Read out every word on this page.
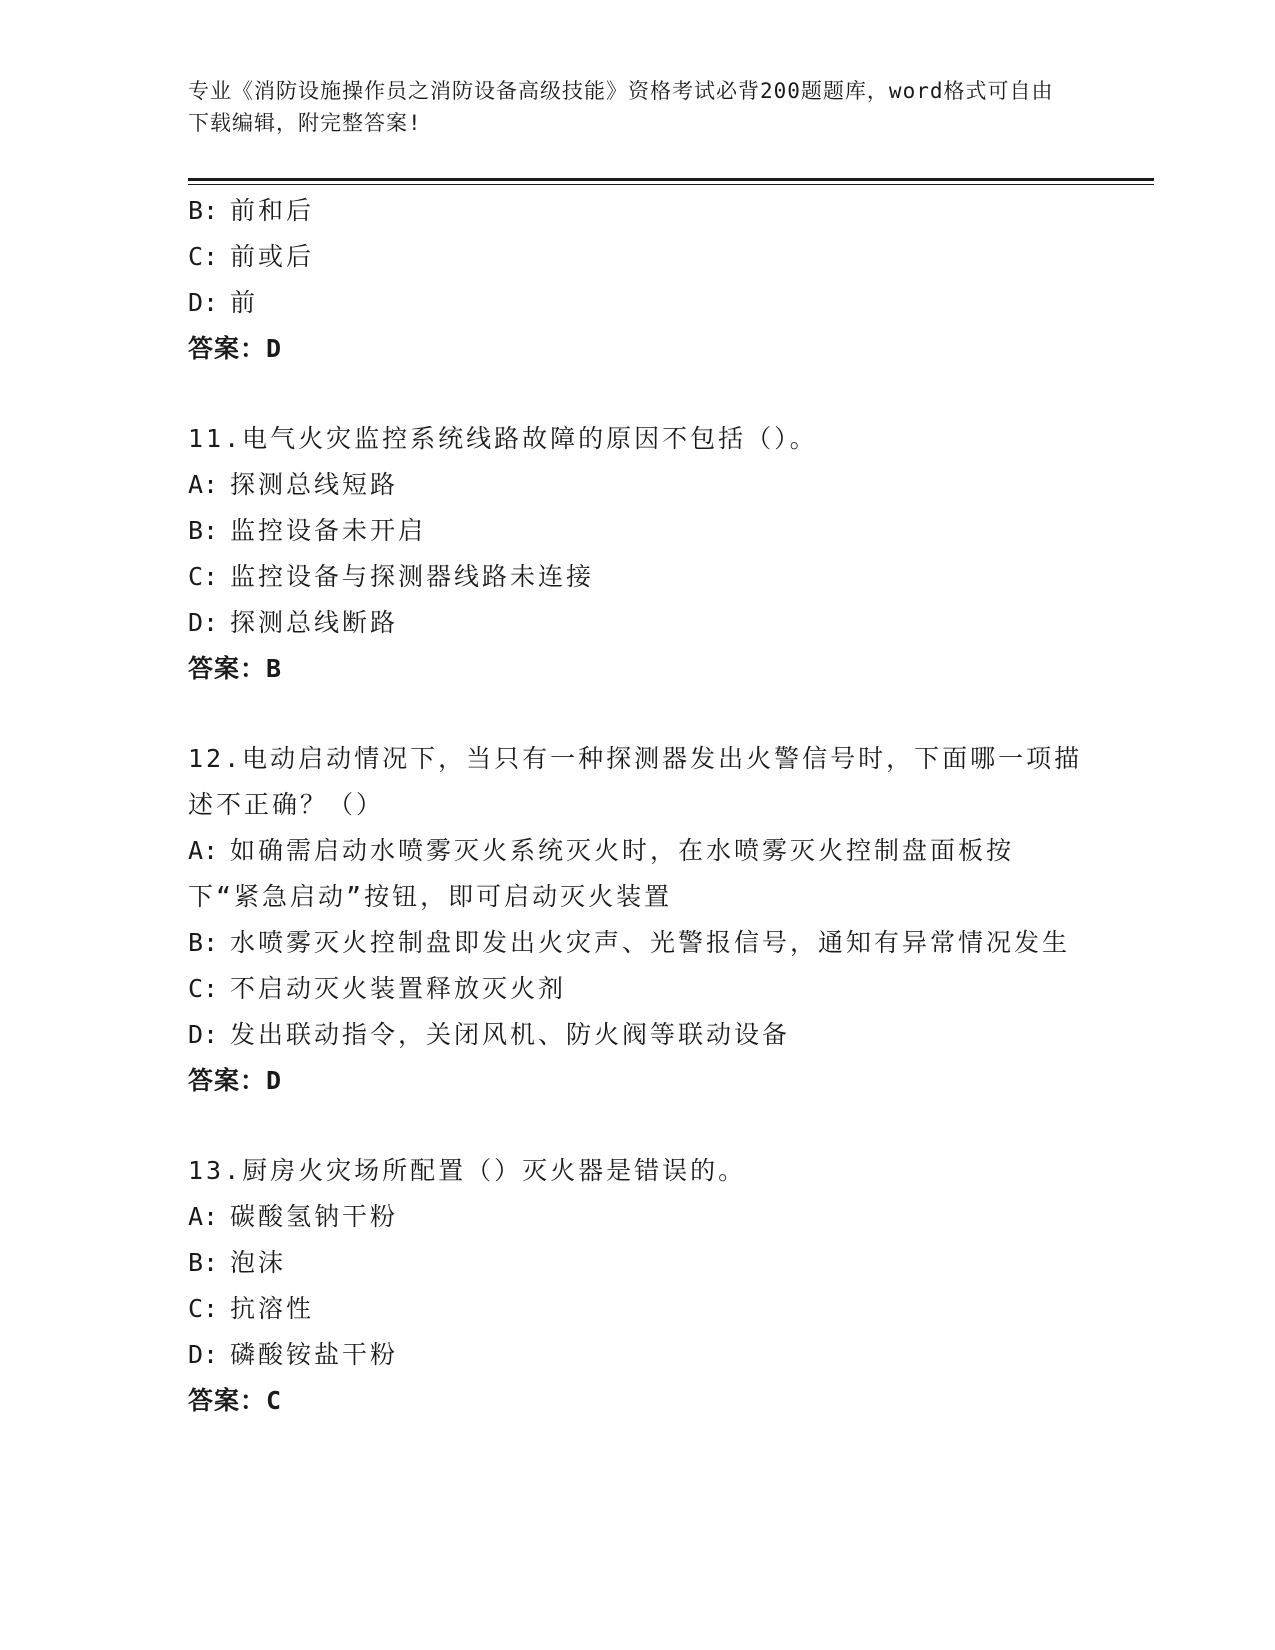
专业《消防设施操作员之消防设备高级技能》资格考试必背200题题库，word格式可自由下载编辑，附完整答案!
B: 前和后
C: 前或后
D: 前
答案：D
11.电气火灾监控系统线路故障的原因不包括（）。
A: 探测总线短路
B: 监控设备未开启
C: 监控设备与探测器线路未连接
D: 探测总线断路
答案：B
12.电动启动情况下，当只有一种探测器发出火警信号时，下面哪一项描述不正确？（）
A: 如确需启动水喷雾灭火系统灭火时，在水喷雾灭火控制盘面板按下“紧急启动”按钮，即可启动灭火装置
B: 水喷雾灭火控制盘即发出火灾声、光警报信号，通知有异常情况发生
C: 不启动灭火装置释放灭火剂
D: 发出联动指令，关闭风机、防火阀等联动设备
答案：D
13.厨房火灾场所配置（）灭火器是错误的。
A: 碳酸氢钠干粉
B: 泡沫
C: 抗溶性
D: 磷酸铵盐干粉
答案：C
